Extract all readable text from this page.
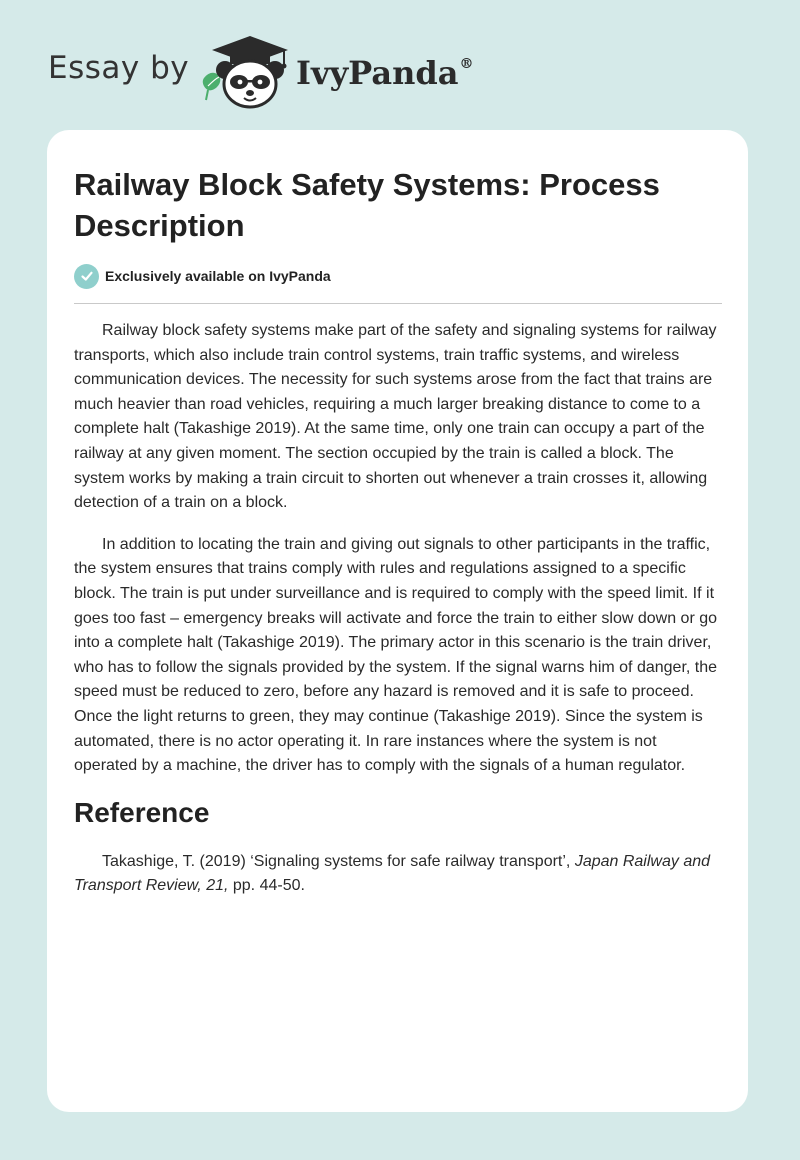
Essay by	IvyPanda®
Railway Block Safety Systems: Process Description
Exclusively available on IvyPanda

Railway block safety systems make part of the safety and signaling systems for railway transports, which also include train control systems, train traffic systems, and wireless communication devices. The necessity for such systems arose from the fact that trains are much heavier than road vehicles, requiring a much larger breaking distance to come to a complete halt (Takashige 2019). At the same time, only one train can occupy a part of the railway at any given moment. The section occupied by the train is called a block. The system works by making a train circuit to shorten out whenever a train crosses it, allowing detection of a train on a block.

In addition to locating the train and giving out signals to other participants in the traffic, the system ensures that trains comply with rules and regulations assigned to a specific block. The train is put under surveillance and is required to comply with the speed limit. If it goes too fast – emergency breaks will activate and force the train to either slow down or go into a complete halt (Takashige 2019). The primary actor in this scenario is the train driver, who has to follow the signals provided by the system. If the signal warns him of danger, the speed must be reduced to zero, before any hazard is removed and it is safe to proceed. Once the light returns to green, they may continue (Takashige 2019). Since the system is automated, there is no actor operating it. In rare instances where the system is not operated by a machine, the driver has to comply with the signals of a human regulator.

Reference

Takashige, T. (2019) ‘Signaling systems for safe railway transport’, Japan Railway and Transport Review, 21, pp. 44-50.
